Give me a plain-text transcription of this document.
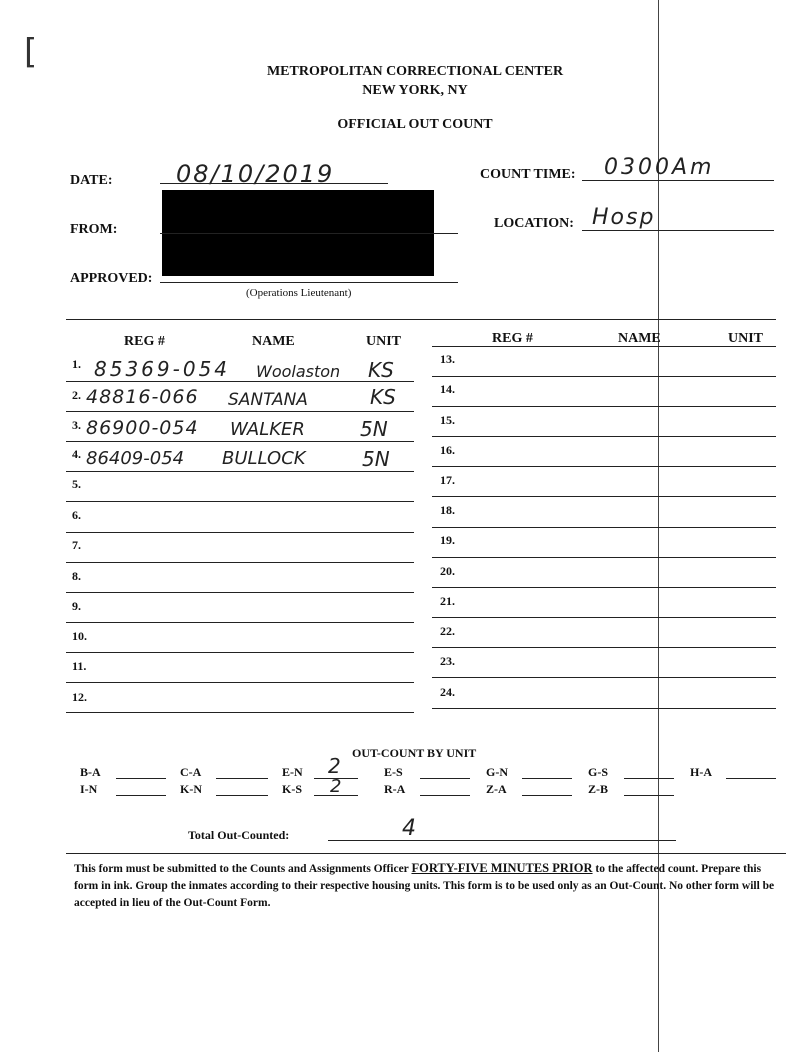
[	METROPOLITAN CORRECTIONAL CENTER
NEW YORK, NY
OFFICIAL OUT COUNT
DATE:	08/10/2019	COUNT TIME: 0300Am
FROM:	LOCATION: Hosp
APPROVED:
(Operations Lieutenant)
REG #	NAME	UNIT	REG #	NAME	UNIT
1. 85369-054 Woolaston KS
2. 48816-066 SANTANA	KS
3. 86900-054 WALKER	5N
4. 86409-054 BULLOCK	5N
5.
6.
7.
8.
9.
10.
11.
12.
13.
14.
15.
16.
17.
18.
19.
20.
21.
22.
23.
24.
OUT-COUNT BY UNIT
B-A	C-A	E-N 2	E-S	G-N	G-S	H-A
I-N	K-N	K-S 2	R-A	Z-A	Z-B
Total Out-Counted:	4
This form must be submitted to the Counts and Assignments Officer FORTY-FIVE MINUTES PRIOR to the affected count. Prepare this form in ink. Group the inmates according to their respective housing units. This form is to be used only as an Out-Count. No other form will be accepted in lieu of the Out-Count Form.
